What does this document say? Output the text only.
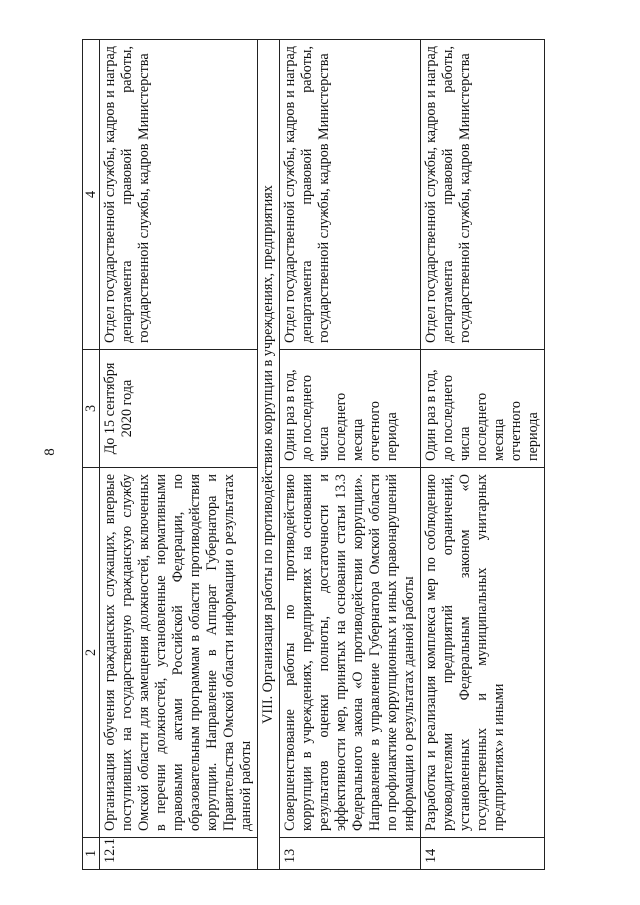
8
1	2	3	4
12.1	Организация обучения гражданских служащих, впервые поступивших на государственную гражданскую службу Омской области для замещения должностей, включенных в перечни должностей, установленные нормативными правовыми актами Российской Федерации, по образовательным программам в области противодействия коррупции. Направление в Аппарат Губернатора и Правительства Омской области информации о результатах данной работы	До 15 сентября 2020 года	Отдел государственной службы, кадров и наград департамента правовой работы, государственной службы, кадров Министерства
VIII. Организация работы по противодействию коррупции в учреждениях, предприятиях			
13	Совершенствование работы по противодействию коррупции в учреждениях, предприятиях на основании результатов оценки полноты, достаточности и эффективности мер, принятых на основании статьи 13.3 Федерального закона «О противодействии коррупции». Направление в управление Губернатора Омской области по профилактике коррупционных и иных правонарушений информации о результатах данной работы	Один раз в год, до последнего числа последнего месяца отчетного периода	Отдел государственной службы, кадров и наград департамента правовой работы, государственной службы, кадров Министерства
14	Разработка и реализация комплекса мер по соблюдению руководителями предприятий ограничений, установленных Федеральным законом «О государственных и муниципальных унитарных предприятиях» и иными	Один раз в год, до последнего числа последнего месяца отчетного периода	Отдел государственной службы, кадров и наград департамента правовой работы, государственной службы, кадров Министерства
